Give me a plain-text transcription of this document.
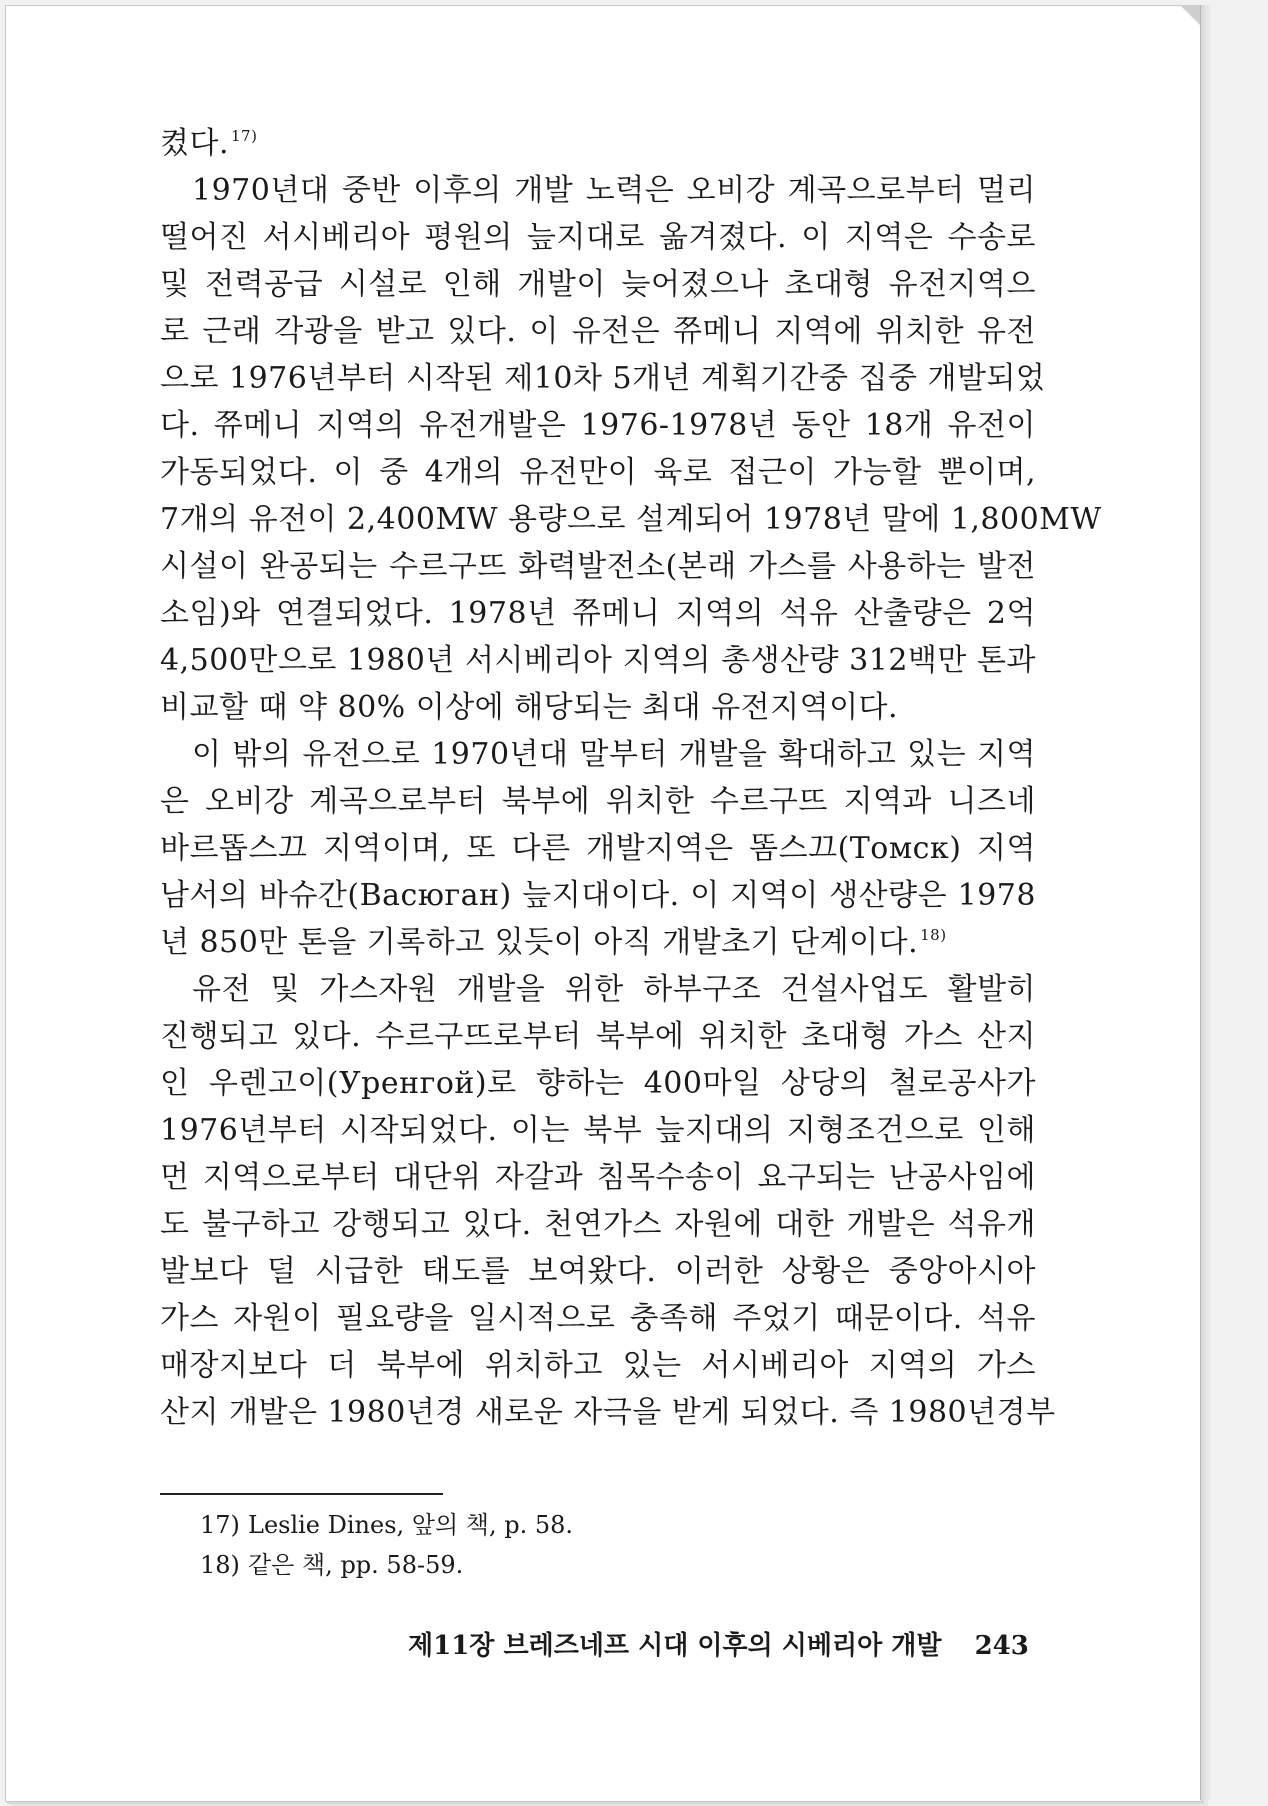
켰다. $^{17)}$
1970년대 중반 이후의 개발 노력은 오비강 계곡으로부터 멀리
떨어진 서시베리아 평원의 늪지대로 옮겨졌다. 이 지역은 수송로
및 전력공급 시설로 인해 개발이 늦어졌으나 초대형 유전지역으
로 근래 각광을 받고 있다. 이 유전은 쮸메니 지역에 위치한 유전
으로 1976년부터 시작된 제10차 5개년 계획기간중 집중 개발되었
다. 쮸메니 지역의 유전개발은 1976-1978년 동안 18개 유전이
가동되었다. 이 중 4개의 유전만이 육로 접근이 가능할 뿐이며,
7개의 유전이 2,400MW 용량으로 설계되어 1978년 말에 1,800MW
시설이 완공되는 수르구뜨 화력발전소(본래 가스를 사용하는 발전
소임)와 연결되었다. 1978년 쮸메니 지역의 석유 산출량은 2억
4,500만으로 1980년 서시베리아 지역의 총생산량 312백만 톤과
비교할 때 약 80% 이상에 해당되는 최대 유전지역이다.
이 밖의 유전으로 1970년대 말부터 개발을 확대하고 있는 지역
은 오비강 계곡으로부터 북부에 위치한 수르구뜨 지역과 니즈네
바르똡스끄 지역이며, 또 다른 개발지역은 똠스끄(Томск) 지역
남서의 바슈간(Васюган) 늪지대이다. 이 지역이 생산량은 1978
년 850만 톤을 기록하고 있듯이 아직 개발초기 단계이다. $^{18)}$
유전 및 가스자원 개발을 위한 하부구조 건설사업도 활발히
진행되고 있다. 수르구뜨로부터 북부에 위치한 초대형 가스 산지
인 우렌고이(Уренгой)로 향하는 400마일 상당의 철로공사가
1976년부터 시작되었다. 이는 북부 늪지대의 지형조건으로 인해
먼 지역으로부터 대단위 자갈과 침목수송이 요구되는 난공사임에
도 불구하고 강행되고 있다. 천연가스 자원에 대한 개발은 석유개
발보다 덜 시급한 태도를 보여왔다. 이러한 상황은 중앙아시아
가스 자원이 필요량을 일시적으로 충족해 주었기 때문이다. 석유
매장지보다 더 북부에 위치하고 있는 서시베리아 지역의 가스
산지 개발은 1980년경 새로운 자극을 받게 되었다. 즉 1980년경부
17) Leslie Dines, 앞의 책, p. 58.
18) 같은 책, pp. 58-59.
제11장 브레즈네프 시대 이후의 시베리아 개발 243
